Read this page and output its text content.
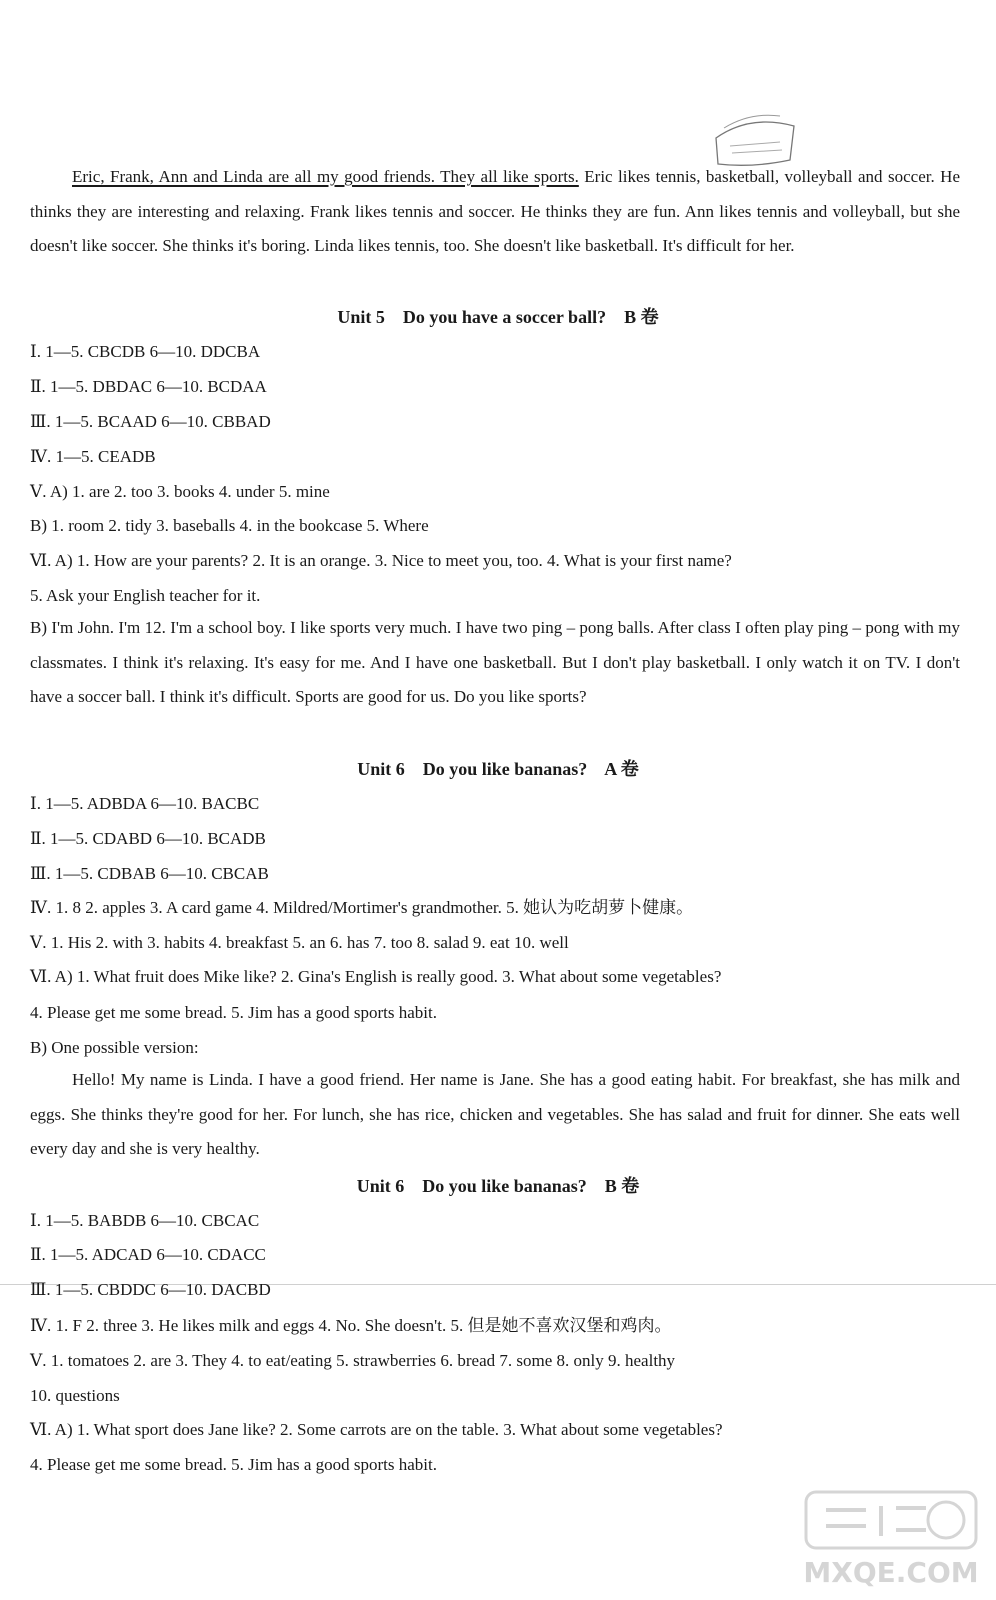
Eric, Frank, Ann and Linda are all my good friends. They all like sports. Eric likes tennis, basketball, volleyball and soccer. He thinks they are interesting and relaxing. Frank likes tennis and soccer. He thinks they are fun. Ann likes tennis and volleyball, but she doesn't like soccer. She thinks it's boring. Linda likes tennis, too. She doesn't like basketball. It's difficult for her.
Unit 5    Do you have a soccer ball?    B 卷
Ⅰ. 1—5. CBCDB 6—10. DDCBA
Ⅱ. 1—5. DBDAC 6—10. BCDAA
Ⅲ. 1—5. BCAAD 6—10. CBBAD
Ⅳ. 1—5. CEADB
Ⅴ. A) 1. are 2. too 3. books 4. under 5. mine
B) 1. room 2. tidy 3. baseballs 4. in the bookcase 5. Where
Ⅵ. A) 1. How are your parents? 2. It is an orange. 3. Nice to meet you, too. 4. What is your first name?
5. Ask your English teacher for it.
B) I'm John. I'm 12. I'm a school boy. I like sports very much. I have two ping – pong balls. After class I often play ping – pong with my classmates. I think it's relaxing. It's easy for me. And I have one basketball. But I don't play basketball. I only watch it on TV. I don't have a soccer ball. I think it's difficult. Sports are good for us. Do you like sports?
Unit 6    Do you like bananas?    A 卷
Ⅰ. 1—5. ADBDA 6—10. BACBC
Ⅱ. 1—5. CDABD 6—10. BCADB
Ⅲ. 1—5. CDBAB 6—10. CBCAB
Ⅳ. 1. 8 2. apples 3. A card game 4. Mildred/Mortimer's grandmother. 5. 她认为吃胡萝卜健康。
Ⅴ. 1. His 2. with 3. habits 4. breakfast 5. an 6. has 7. too 8. salad 9. eat 10. well
Ⅵ. A) 1. What fruit does Mike like? 2. Gina's English is really good. 3. What about some vegetables?
4. Please get me some bread. 5. Jim has a good sports habit.
B) One possible version:
Hello! My name is Linda. I have a good friend. Her name is Jane. She has a good eating habit. For breakfast, she has milk and eggs. She thinks they're good for her. For lunch, she has rice, chicken and vegetables. She has salad and fruit for dinner. She eats well every day and she is very healthy.
Unit 6    Do you like bananas?    B 卷
Ⅰ. 1—5. BABDB 6—10. CBCAC
Ⅱ. 1—5. ADCAD 6—10. CDACC
Ⅲ. 1—5. CBDDC 6—10. DACBD
Ⅳ. 1. F 2. three 3. He likes milk and eggs 4. No. She doesn't. 5. 但是她不喜欢汉堡和鸡肉。
Ⅴ. 1. tomatoes 2. are 3. They 4. to eat/eating 5. strawberries 6. bread 7. some 8. only 9. healthy
10. questions
Ⅵ. A) 1. What sport does Jane like? 2. Some carrots are on the table. 3. What about some vegetables?
4. Please get me some bread. 5. Jim has a good sports habit.
MXQE.COM
